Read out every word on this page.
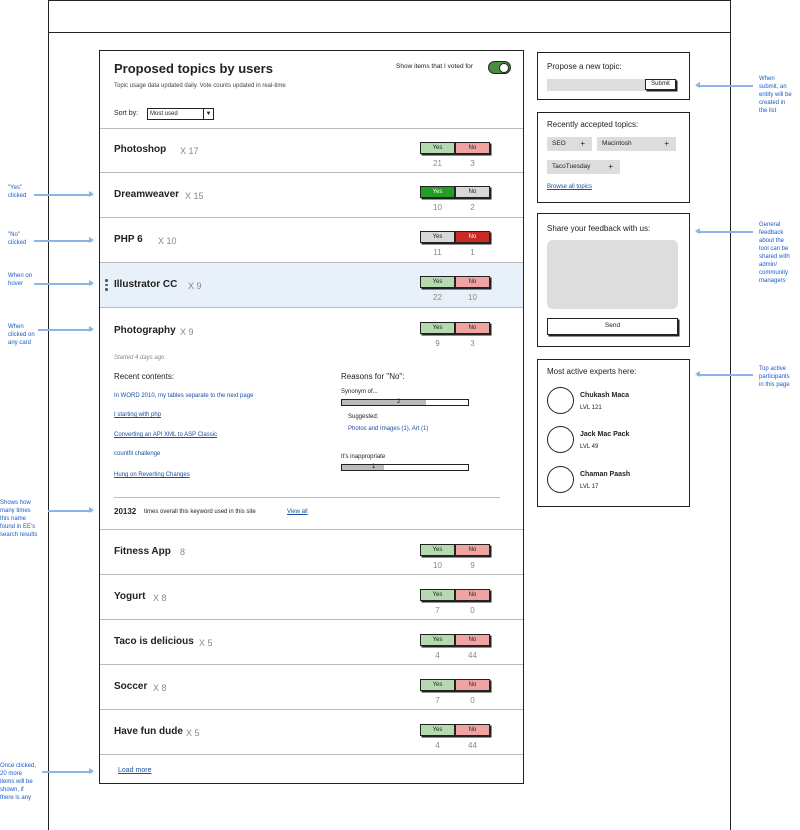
Proposed topics by users
Topic usage data updated daily. Vote counts updated in real-time
Show items that I voted for
Sort by:	Most used	▼
Photoshop X 17	Yes	No
21	3
Dreamweaver X 15	Yes	No
10	2
PHP 6 X 10	Yes	No
11	1
Illustrator CC X 9	Yes	No
22	10
Photography X 9	Yes	No
9	3
Started 4 days ago
Recent contents:
In WORD 2010, my tables separate to the next page
I starting with php
Converting an API XML to ASP Classic
countfil challenge
Hung on Reverting Changes
Reasons for "No":
Synonym of...
2
Suggested:
Photos and Images (1), Art (1)
It's inappropriate
1
20132 times overall this keyword used in this site	View all
Fitness App 8	Yes	No
10	9
Yogurt X 8	Yes	No
7	0
Taco is delicious X 5	Yes	No
4	44
Soccer X 8	Yes	No
7	0
Have fun dude X 5	Yes	No
4	44
Load more
Propose a new topic:
Submit
Recently accepted topics:
SEO +	Macintosh	+
TacoTuesday +
Browse all topics
Share your feedback with us:
Send
Most active experts here:
Chukash Maca
LVL 121
Jack Mac Pack
LVL 49
Chaman Paash
LVL 17
"Yes"
clicked
"No"
clicked
When on
hover
When
clicked on
any card
Shows how
many times
this name
found in EE's
search results
Once clicked,
20 more
items will be
shown, if
there is any
When
submit, an
entity will be
created in
the list
General
feedback
about the
tool can be
shared with
admin/
community
managers
Top active
participants
in this page
